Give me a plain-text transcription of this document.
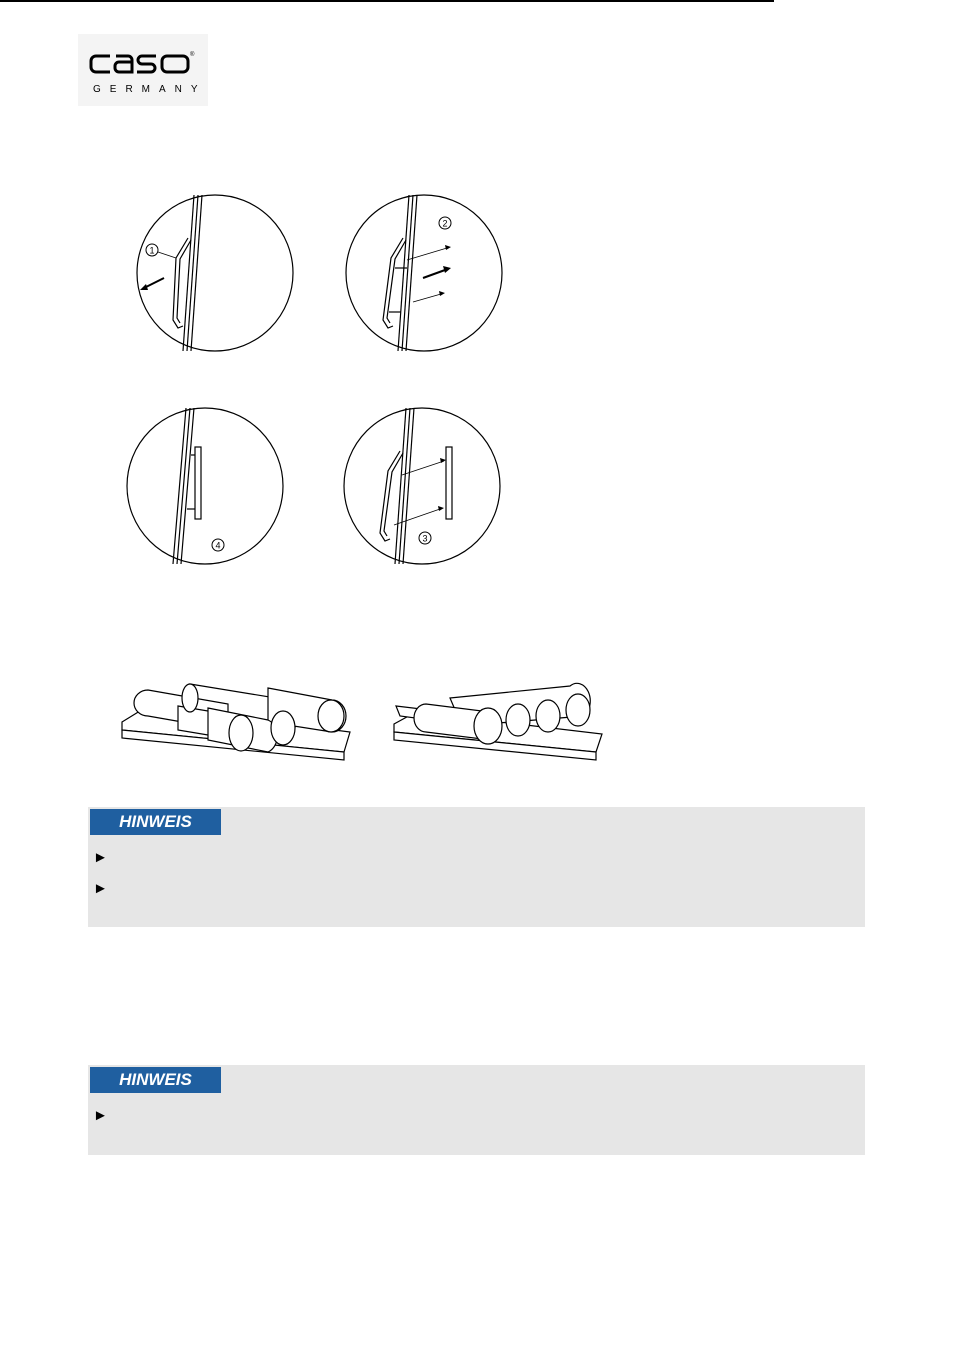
®
GERMANY
1
2
4
3
HINWEIS
►
►
HINWEIS
►
